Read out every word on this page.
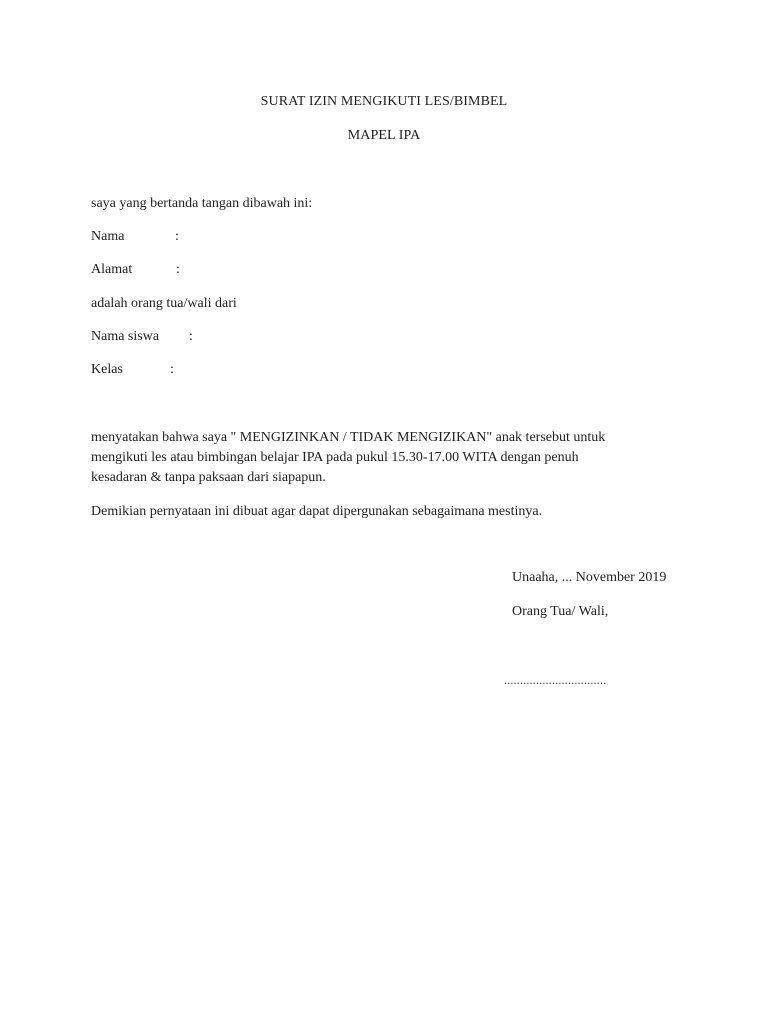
SURAT IZIN MENGIKUTI LES/BIMBEL
MAPEL IPA
saya yang bertanda tangan dibawah ini:
Nama	:
Alamat	:
adalah orang tua/wali dari
Nama siswa :
Kelas	:
menyatakan bahwa saya " MENGIZINKAN / TIDAK MENGIZIKAN" anak tersebut untuk
mengikuti les atau bimbingan belajar IPA pada pukul 15.30-17.00 WITA dengan penuh
kesadaran & tanpa paksaan dari siapapun.
Demikian pernyataan ini dibuat agar dapat dipergunakan sebagaimana mestinya.
Unaaha, ... November 2019
Orang Tua/ Wali,
................................
